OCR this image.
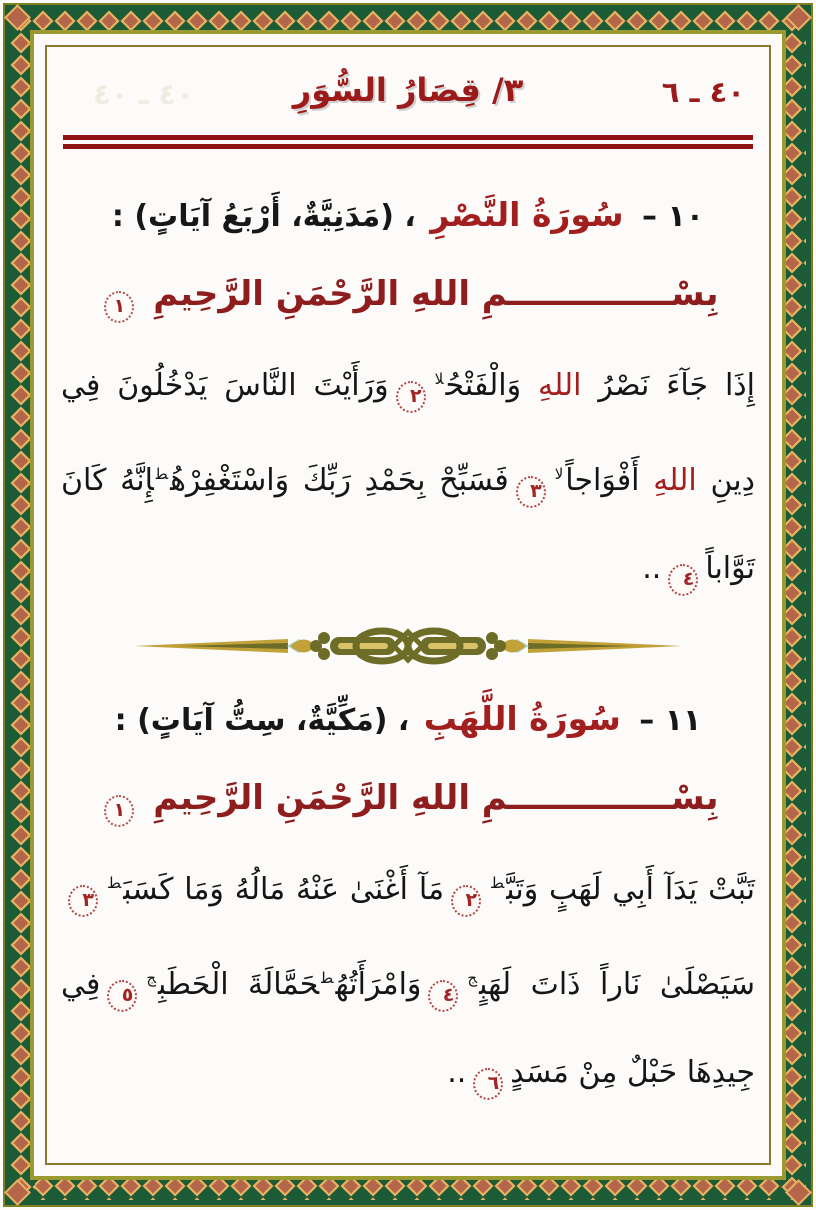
٤٠ ـ ٤٠	٣/ قِصَارُ السُّوَرِ	٤٠ ـ ٦
١٠ – سُورَةُ النَّصْرِ ، (مَدَنِيَّةٌ، أَرْبَعُ آيَاتٍ) :
بِسْــــــــــــــمِ اللهِ الرَّحْمَنِ الرَّحِيمِ ١
إِذَا جَآءَ نَصْرُ اللهِ وَالْفَتْحُ$^{لا}$٢وَرَأَيْتَ النَّاسَ يَدْخُلُونَ فِي
دِينِ اللهِ أَفْوَاجاً$^{لا}$٣فَسَبِّحْ بِحَمْدِ رَبِّكَ وَاسْتَغْفِرْهُ$^ط$إِنَّهُ كَانَ
تَوَّاباً٤..
١١ – سُورَةُ اللَّهَبِ ، (مَكِّيَّةٌ، سِتُّ آيَاتٍ) :
بِسْــــــــــــــمِ اللهِ الرَّحْمَنِ الرَّحِيمِ ١
تَبَّتْ يَدَآ أَبِي لَهَبٍ وَتَبَّ$^ط$٢مَآ أَغْنَىٰ عَنْهُ مَالُهُ وَمَا كَسَبَ$^ط$٣
سَيَصْلَىٰ نَاراً ذَاتَ لَهَبٍ$^ج$٤وَامْرَأَتُهُ$^ط$حَمَّالَةَ الْحَطَبِ$^ج$٥فِي
جِيدِهَا حَبْلٌ مِنْ مَسَدٍ٦..
